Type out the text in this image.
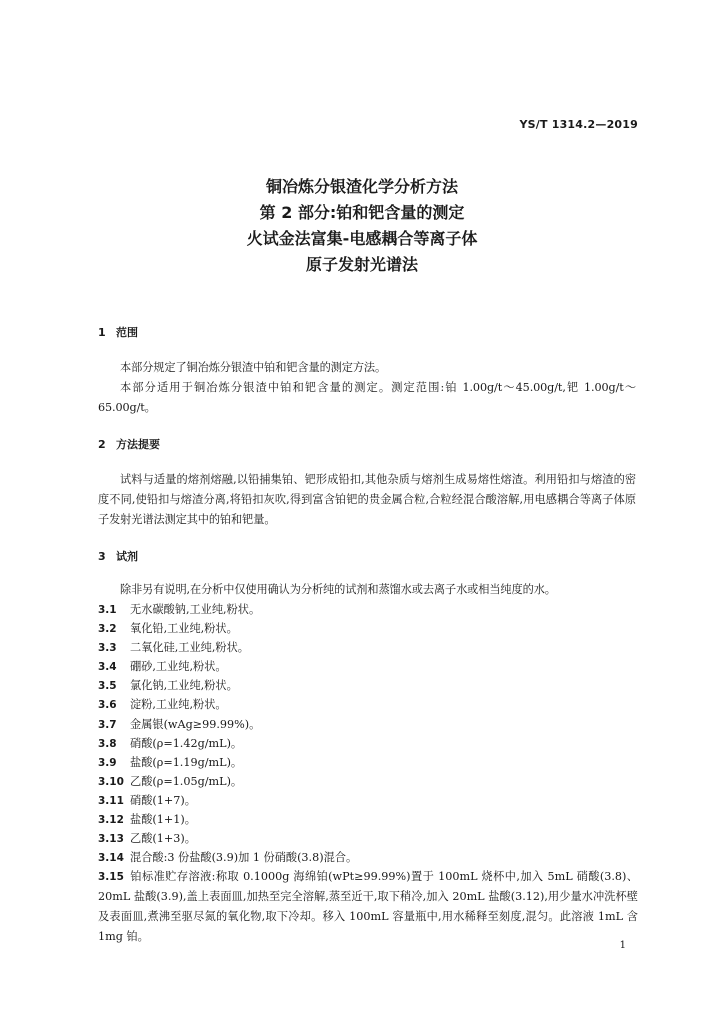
YS/T 1314.2—2019
铜冶炼分银渣化学分析方法
第 2 部分:铂和钯含量的测定
火试金法富集-电感耦合等离子体
原子发射光谱法
1 范围
本部分规定了铜冶炼分银渣中铂和钯含量的测定方法。
本部分适用于铜冶炼分银渣中铂和钯含量的测定。测定范围:铂 1.00g/t～45.00g/t,钯 1.00g/t～65.00g/t。
2 方法提要
试料与适量的熔剂熔融,以铅捕集铂、钯形成铅扣,其他杂质与熔剂生成易熔性熔渣。利用铅扣与熔渣的密度不同,使铅扣与熔渣分离,将铅扣灰吹,得到富含铂钯的贵金属合粒,合粒经混合酸溶解,用电感耦合等离子体原子发射光谱法测定其中的铂和钯量。
3 试剂
除非另有说明,在分析中仅使用确认为分析纯的试剂和蒸馏水或去离子水或相当纯度的水。
3.1 无水碳酸钠,工业纯,粉状。
3.2 氧化铅,工业纯,粉状。
3.3 二氧化硅,工业纯,粉状。
3.4 硼砂,工业纯,粉状。
3.5 氯化钠,工业纯,粉状。
3.6 淀粉,工业纯,粉状。
3.7 金属银(wAg≥99.99%)。
3.8 硝酸(ρ=1.42g/mL)。
3.9 盐酸(ρ=1.19g/mL)。
3.10 乙酸(ρ=1.05g/mL)。
3.11 硝酸(1+7)。
3.12 盐酸(1+1)。
3.13 乙酸(1+3)。
3.14 混合酸:3 份盐酸(3.9)加 1 份硝酸(3.8)混合。
3.15 铂标准贮存溶液:称取 0.1000g 海绵铂(wPt≥99.99%)置于 100mL 烧杯中,加入 5mL 硝酸(3.8)、20mL 盐酸(3.9),盖上表面皿,加热至完全溶解,蒸至近干,取下稍冷,加入 20mL 盐酸(3.12),用少量水冲洗杯壁及表面皿,煮沸至驱尽氮的氧化物,取下冷却。移入 100mL 容量瓶中,用水稀释至刻度,混匀。此溶液 1mL 含 1mg 铂。
1
